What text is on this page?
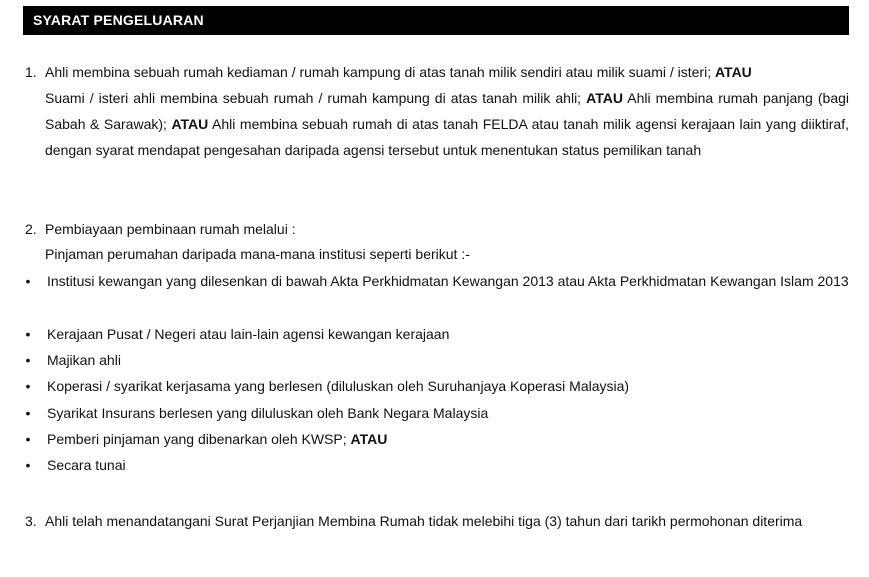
SYARAT PENGELUARAN
1. Ahli membina sebuah rumah kediaman / rumah kampung di atas tanah milik sendiri atau milik suami / isteri; ATAU
Suami / isteri ahli membina sebuah rumah / rumah kampung di atas tanah milik ahli; ATAU Ahli membina rumah panjang (bagi Sabah & Sarawak); ATAU Ahli membina sebuah rumah di atas tanah FELDA atau tanah milik agensi kerajaan lain yang diiktiraf, dengan syarat mendapat pengesahan daripada agensi tersebut untuk menentukan status pemilikan tanah

2. Pembiayaan pembinaan rumah melalui :

Pinjaman perumahan daripada mana-mana institusi seperti berikut :-

• Institusi kewangan yang dilesenkan di bawah Akta Perkhidmatan Kewangan 2013 atau Akta Perkhidmatan Kewangan Islam 2013
• Kerajaan Pusat / Negeri atau lain-lain agensi kewangan kerajaan
• Majikan ahli
• Koperasi / syarikat kerjasama yang berlesen (diluluskan oleh Suruhanjaya Koperasi Malaysia)
• Syarikat Insurans berlesen yang diluluskan oleh Bank Negara Malaysia
• Pemberi pinjaman yang dibenarkan oleh KWSP; ATAU
• Secara tunai
3. Ahli telah menandatangani Surat Perjanjian Membina Rumah tidak melebihi tiga (3) tahun dari tarikh permohonan diterima
